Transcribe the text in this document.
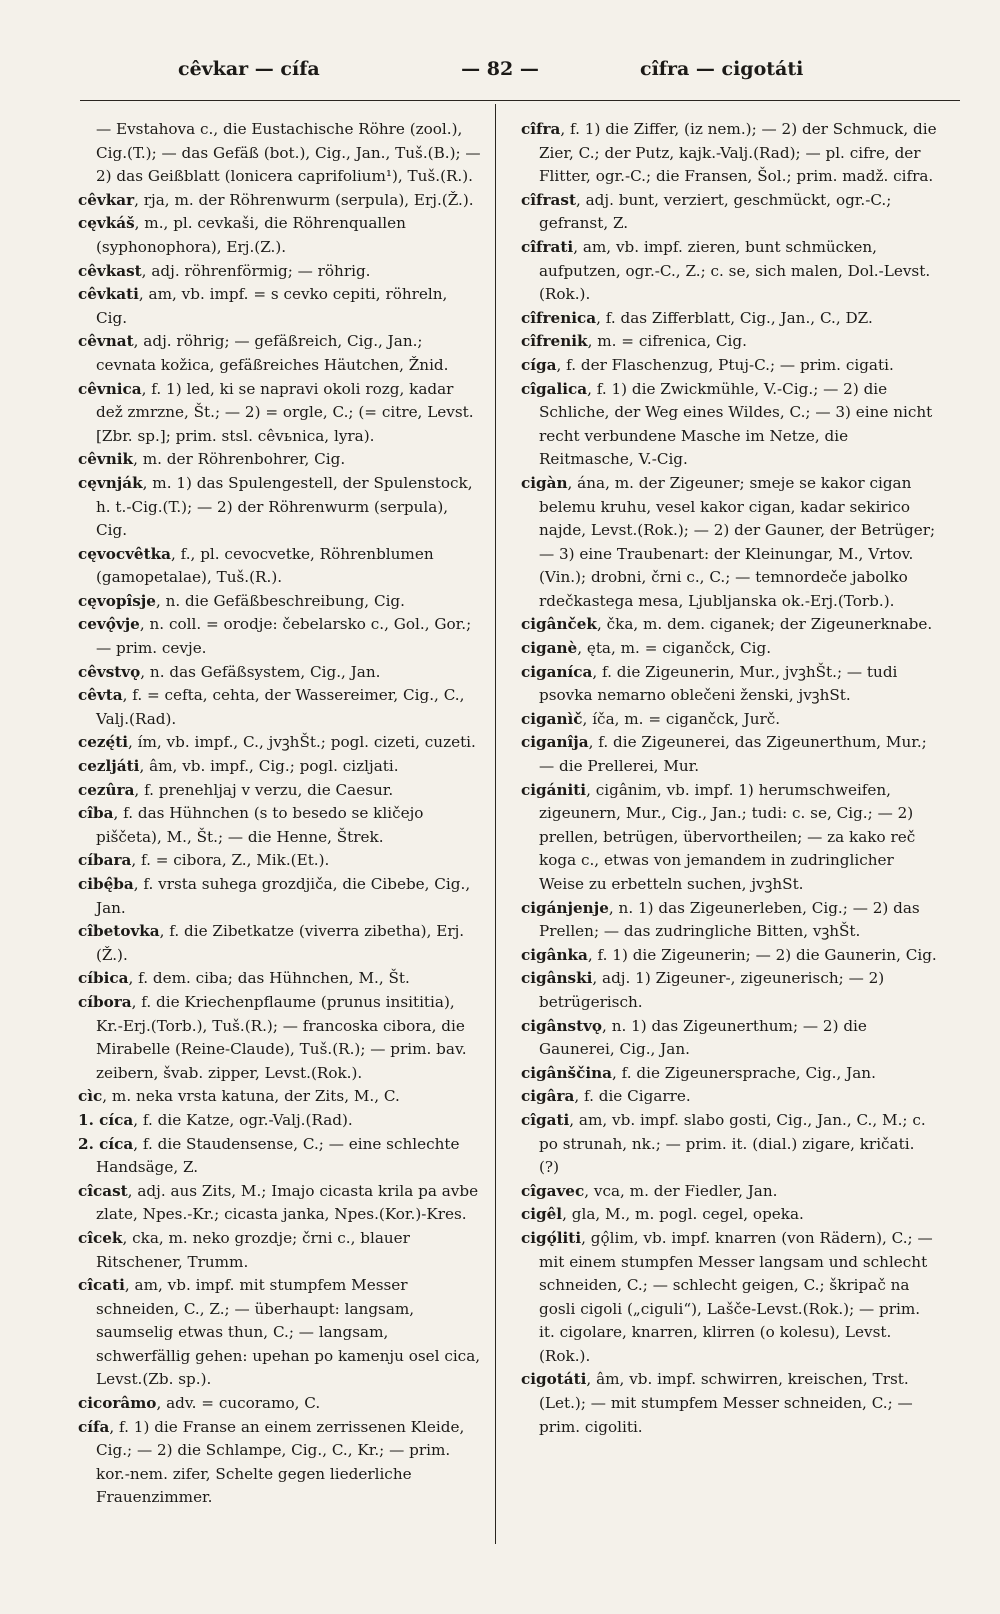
cêvkar — cífa	— 82 —	cîfra — cigotáti

— Evstahova c., die Eustachische Röhre (zool.), Cig.(T.); — das Gefäß (bot.), Cig., Jan., Tuš.(B.); — 2) das Geißblatt (lonicera caprifolium¹), Tuš.(R.).

cêvkar, rja, m. der Röhrenwurm (serpula), Erj.(Ž.).

cęvkáš, m., pl. cevkaši, die Röhrenquallen (syphonophora), Erj.(Z.).

cêvkast, adj. röhrenförmig; — röhrig.

cêvkati, am, vb. impf. = s cevko cepiti, röhreln, Cig.

cêvnat, adj. röhrig; — gefäßreich, Cig., Jan.; cevnata kožica, gefäßreiches Häutchen, Žnid.

cêvnica, f. 1) led, ki se napravi okoli rozg, kadar dež zmrzne, Št.; — 2) = orgle, C.; (= citre, Levst.[Zbr. sp.]; prim. stsl. cêvьnica, lyra).

cêvnik, m. der Röhrenbohrer, Cig.

cęvnják, m. 1) das Spulengestell, der Spulenstock, h. t.-Cig.(T.); — 2) der Röhrenwurm (serpula), Cig.

cęvocvêtka, f., pl. cevocvetke, Röhrenblumen (gamopetalae), Tuš.(R.).

cęvopîsje, n. die Gefäßbeschreibung, Cig.

cevǫ̂vje, n. coll. = orodje: čebelarsko c., Gol., Gor.; — prim. cevje.

cêvstvǫ, n. das Gefäßsystem, Cig., Jan.

cêvta, f. = cefta, cehta, der Wassereimer, Cig., C., Valj.(Rad).

cezę́ti, ím, vb. impf., C., jvꝫhŠt.; pogl. cizeti, cuzeti.

cezljáti, âm, vb. impf., Cig.; pogl. cizljati.

cezûra, f. prenehljaj v verzu, die Caesur.

cîba, f. das Hühnchen (s to besedo se kličejo piščeta), M., Št.; — die Henne, Štrek.

cíbara, f. = cibora, Z., Mik.(Et.).

cibę̂ba, f. vrsta suhega grozdjiča, die Cibebe, Cig., Jan.

cîbetovka, f. die Zibetkatze (viverra zibetha), Erj.(Ž.).

cíbica, f. dem. ciba; das Hühnchen, M., Št.

cíbora, f. die Kriechenpflaume (prunus insititia), Kr.-Erj.(Torb.), Tuš.(R.); — francoska cibora, die Mirabelle (Reine-Claude), Tuš.(R.); — prim. bav. zeibern, švab. zipper, Levst.(Rok.).

cìc, m. neka vrsta katuna, der Zits, M., C.

1. cíca, f. die Katze, ogr.-Valj.(Rad).

2. cíca, f. die Staudensense, C.; — eine schlechte Handsäge, Z.

cîcast, adj. aus Zits, M.; Imajo cicasta krila pa avbe zlate, Npes.-Kr.; cicasta janka, Npes.(Kor.)-Kres.

cîcek, cka, m. neko grozdje; črni c., blauer Ritschener, Trumm.

cîcati, am, vb. impf. mit stumpfem Messer schneiden, C., Z.; — überhaupt: langsam, saumselig etwas thun, C.; — langsam, schwerfällig gehen: upehan po kamenju osel cica, Levst.(Zb. sp.).

cicorâmo, adv. = cucoramo, C.

cífa, f. 1) die Franse an einem zerrissenen Kleide, Cig.; — 2) die Schlampe, Cig., C., Kr.; — prim. kor.-nem. zifer, Schelte gegen liederliche Frauenzimmer.

cîfra, f. 1) die Ziffer, (iz nem.); — 2) der Schmuck, die Zier, C.; der Putz, kajk.-Valj.(Rad); — pl. cifre, der Flitter, ogr.-C.; die Fransen, Šol.; prim. madž. cifra.

cîfrast, adj. bunt, verziert, geschmückt, ogr.-C.; gefranst, Z.

cîfrati, am, vb. impf. zieren, bunt schmücken, aufputzen, ogr.-C., Z.; c. se, sich malen, Dol.-Levst.(Rok.).

cîfrenica, f. das Zifferblatt, Cig., Jan., C., DZ.

cîfrenik, m. = cifrenica, Cig.

cíga, f. der Flaschenzug, Ptuj-C.; — prim. cigati.

cîgalica, f. 1) die Zwickmühle, V.-Cig.; — 2) die Schliche, der Weg eines Wildes, C.; — 3) eine nicht recht verbundene Masche im Netze, die Reitmasche, V.-Cig.

cigàn, ána, m. der Zigeuner; smeje se kakor cigan belemu kruhu, vesel kakor cigan, kadar sekirico najde, Levst.(Rok.); — 2) der Gauner, der Betrüger; — 3) eine Traubenart: der Kleinungar, M., Vrtov.(Vin.); drobni, črni c., C.; — temnordeče jabolko rdečkastega mesa, Ljubljanska ok.-Erj.(Torb.).

cigânček, čka, m. dem. ciganek; der Zigeunerknabe.

ciganè, ęta, m. = cigančck, Cig.

ciganíca, f. die Zigeunerin, Mur., jvꝫhŠt.; — tudi psovka nemarno oblečeni ženski, jvꝫhSt.

ciganìč, íča, m. = cigančck, Jurč.

ciganîja, f. die Zigeunerei, das Zigeunerthum, Mur.; — die Prellerei, Mur.

cigániti, cigânim, vb. impf. 1) herumschweifen, zigeunern, Mur., Cig., Jan.; tudi: c. se, Cig.; — 2) prellen, betrügen, übervortheilen; — za kako reč koga c., etwas von jemandem in zudringlicher Weise zu erbetteln suchen, jvꝫhSt.

cigánjenje, n. 1) das Zigeunerleben, Cig.; — 2) das Prellen; — das zudringliche Bitten, vꝫhŠt.

cigânka, f. 1) die Zigeunerin; — 2) die Gaunerin, Cig.

cigânski, adj. 1) Zigeuner-, zigeunerisch; — 2) betrügerisch.

cigânstvǫ, n. 1) das Zigeunerthum; — 2) die Gaunerei, Cig., Jan.

cigânščina, f. die Zigeunersprache, Cig., Jan.

cigâra, f. die Cigarre.

cîgati, am, vb. impf. slabo gosti, Cig., Jan., C., M.; c. po strunah, nk.; — prim. it. (dial.) zigare, kričati. (?)

cîgavec, vca, m. der Fiedler, Jan.

cigêl, gla, M., m. pogl. cegel, opeka.

cigǫ́liti, gǫ̂lim, vb. impf. knarren (von Rädern), C.; — mit einem stumpfen Messer langsam und schlecht schneiden, C.; — schlecht geigen, C.; škripač na gosli cigoli („ciguli“), Lašče-Levst.(Rok.); — prim. it. cigolare, knarren, klirren (o kolesu), Levst.(Rok.).

cigotáti, âm, vb. impf. schwirren, kreischen, Trst.(Let.); — mit stumpfem Messer schneiden, C.; — prim. cigoliti.
